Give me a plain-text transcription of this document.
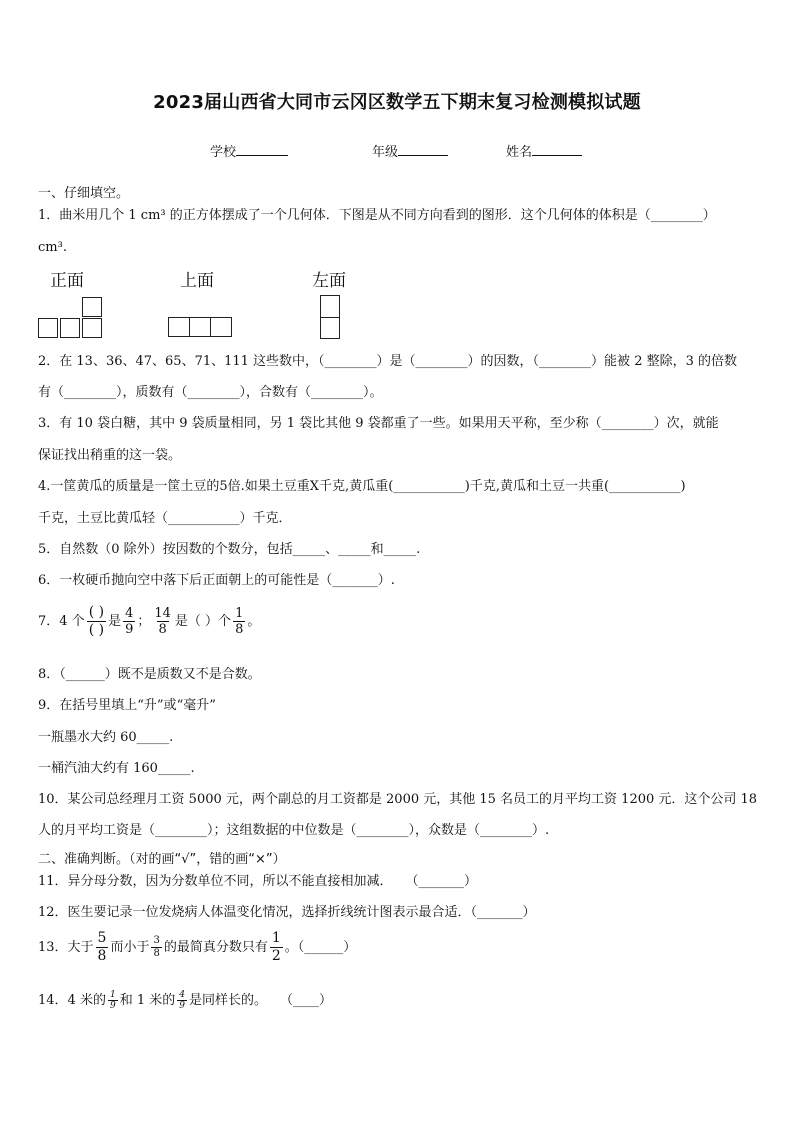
2023届山西省大同市云冈区数学五下期末复习检测模拟试题
学校	年级	姓名
一、仔细填空。
1．曲米用几个 1 cm³ 的正方体摆成了一个几何体．下图是从不同方向看到的图形．这个几何体的体积是（________）
cm³.
正面	上面	左面
2．在 13、36、47、65、71、111 这些数中，（________）是（________）的因数，（________）能被 2 整除，3 的倍数
有（________），质数有（________），合数有（________）。
3．有 10 袋白糖，其中 9 袋质量相同，另 1 袋比其他 9 袋都重了一些。如果用天平称，至少称（________）次，就能
保证找出稍重的这一袋。
4.一筐黄瓜的质量是一筐土豆的5倍.如果土豆重X千克,黄瓜重(___________)千克,黄瓜和土豆一共重(___________)
千克，土豆比黄瓜轻（___________）千克．
5．自然数（0 除外）按因数的个数分，包括_____、_____和_____.
6．一枚硬币抛向空中落下后正面朝上的可能性是（_______）.
7．4 个 $\frac{( )}{( )}$ 是 $\frac{4}{9}$ ； $\frac{14}{8}$ 是（ ）个 $\frac{1}{8}$ 。
8．（______）既不是质数又不是合数。
9．在括号里填上“升”或“毫升”
一瓶墨水大约 60_____.
一桶汽油大约有 160_____.
10．某公司总经理月工资 5000 元，两个副总的月工资都是 2000 元，其他 15 名员工的月平均工资 1200 元．这个公司 18
人的月平均工资是（________）；这组数据的中位数是（________），众数是（________）.
二、准确判断。（对的画“√”，错的画“×”）
11．异分母分数，因为分数单位不同，所以不能直接相加减．　　（_______）
12．医生要记录一位发烧病人体温变化情况，选择折线统计图表示最合适．（_______）
13．大于 $\frac{5}{8}$ 而小于 $\frac{3}{8}$ 的最简真分数只有 $\frac{1}{2}$ 。（______）
14．4 米的 $\frac{1}{9}$ 和 1 米的 $\frac{4}{9}$ 是同样长的。　　（____）
